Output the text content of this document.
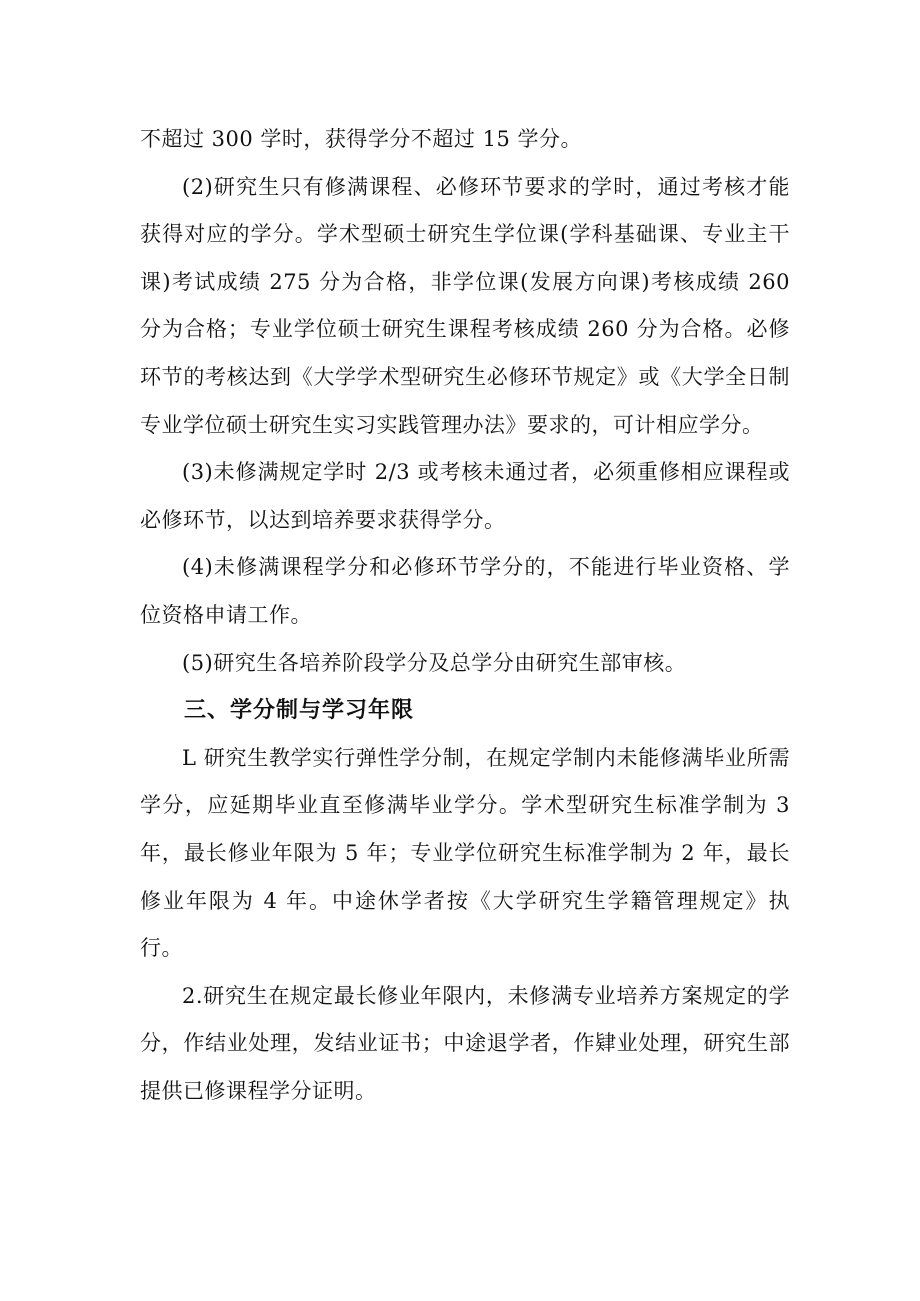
不超过 300 学时，获得学分不超过 15 学分。

(2)研究生只有修满课程、必修环节要求的学时，通过考核才能获得对应的学分。学术型硕士研究生学位课(学科基础课、专业主干课)考试成绩 275 分为合格，非学位课(发展方向课)考核成绩 260 分为合格；专业学位硕士研究生课程考核成绩 260 分为合格。必修环节的考核达到《大学学术型研究生必修环节规定》或《大学全日制专业学位硕士研究生实习实践管理办法》要求的，可计相应学分。

(3)未修满规定学时 2/3 或考核未通过者，必须重修相应课程或必修环节，以达到培养要求获得学分。

(4)未修满课程学分和必修环节学分的，不能进行毕业资格、学位资格申请工作。

(5)研究生各培养阶段学分及总学分由研究生部审核。

三、学分制与学习年限

L 研究生教学实行弹性学分制，在规定学制内未能修满毕业所需学分，应延期毕业直至修满毕业学分。学术型研究生标准学制为 3 年，最长修业年限为 5 年；专业学位研究生标准学制为 2 年，最长修业年限为 4 年。中途休学者按《大学研究生学籍管理规定》执行。

2.研究生在规定最长修业年限内，未修满专业培养方案规定的学分，作结业处理，发结业证书；中途退学者，作肄业处理，研究生部提供已修课程学分证明。
